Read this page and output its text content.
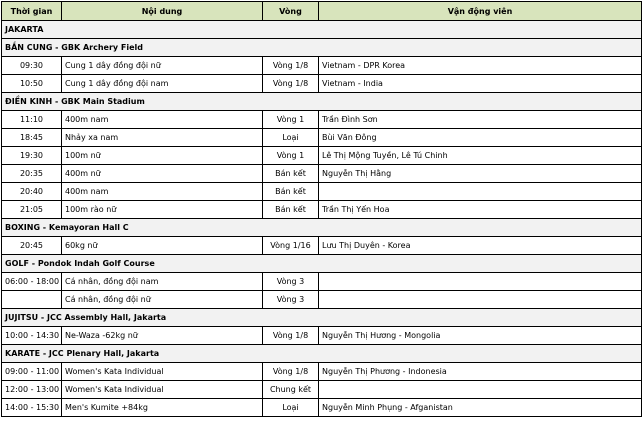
Thời gian	Nội dung	Vòng	Vận động viên
JAKARTA			
BẮN CUNG - GBK Archery Field			
09:30	Cung 1 dây đồng đội nữ	Vòng 1/8	Vietnam - DPR Korea
10:50	Cung 1 dây đồng đội nam	Vòng 1/8	Vietnam - India
ĐIỀN KINH - GBK Main Stadium			
11:10	400m nam	Vòng 1	Trần Đình Sơn
18:45	Nhảy xa nam	Loại	Bùi Văn Đông
19:30	100m nữ	Vòng 1	Lê Thị Mộng Tuyền, Lê Tú Chinh
20:35	400m nữ	Bán kết	Nguyễn Thị Hằng
20:40	400m nam	Bán kết	
21:05	100m rào nữ	Bán kết	Trần Thị Yến Hoa
BOXING - Kemayoran Hall C			
20:45	60kg nữ	Vòng 1/16	Lưu Thị Duyên - Korea
GOLF - Pondok Indah Golf Course			
06:00 - 18:00	Cá nhân, đồng đội nam	Vòng 3	
	Cá nhân, đồng đội nữ	Vòng 3	
JUJITSU - JCC Assembly Hall, Jakarta			
10:00 - 14:30	Ne-Waza -62kg nữ	Vòng 1/8	Nguyễn Thị Hương - Mongolia
KARATE - JCC Plenary Hall, Jakarta			
09:00 - 11:00	Women's Kata Individual	Vòng 1/8	Nguyễn Thị Phương - Indonesia
12:00 - 13:00	Women's Kata Individual	Chung kết	
14:00 - 15:30	Men's Kumite +84kg	Loại	Nguyễn Minh Phụng - Afganistan
